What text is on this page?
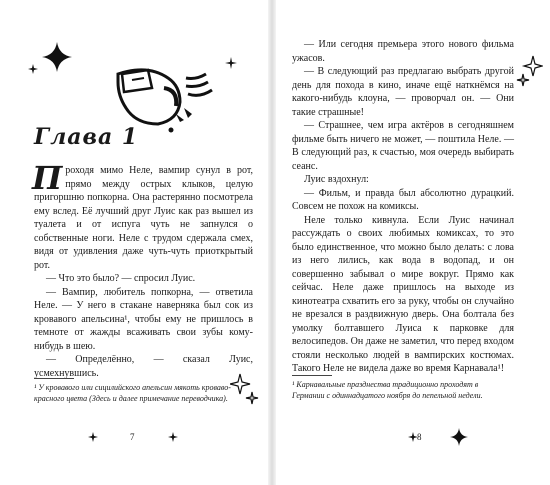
Глава 1

Проходя мимо Неле, вампир сунул в рот, прямо между острых клыков, целую пригоршню попкорна. Она растерянно посмотрела ему вслед. Её лучший друг Луис как раз вышел из туалета и от испуга чуть не запнулся о собственные ноги. Неле с трудом сдержала смех, видя от удивления даже чуть-чуть приоткрытый рот.

— Что это было? — спросил Луис.

— Вампир, любитель попкорна, — ответила Неле. — У него в стакане наверняка был сок из кровавого апельсина¹, чтобы ему не пришлось в темноте от жажды всаживать свои зубы кому-нибудь в шею.

— Определённо, — сказал Луис, усмехнувшись.

¹ У кровавого или сицилийского апельсин мякоть кроваво-красного цвета (Здесь и далее примечание переводчика).
7

— Или сегодня премьера этого нового фильма ужасов.

— В следующий раз предлагаю выбрать другой день для похода в кино, иначе ещё наткнёмся на какого-нибудь клоуна, — проворчал он. — Они такие страшные!

— Страшнее, чем игра актёров в сегодняшнем фильме быть ничего не может, — поштила Неле. — В следующий раз, к счастью, моя очередь выбирать сеанс.

Луис вздохнул:

— Фильм, и правда был абсолютно дурацкий. Совсем не похож на комиксы.

Неле только кивнула. Если Луис начинал рассуждать о своих любимых комиксах, то это было единственное, что можно было делать: с лова из него лились, как вода в водопад, и он совершенно забывал о мире вокруг. Прямо как сейчас. Неле даже пришлось на выходе из кинотеатра схватить его за руку, чтобы он случайно не врезался в раздвижную дверь. Она болтала без умолку болтавшего Луиса к парковке для велосипедов. Он даже не заметил, что перед входом стояли несколько людей в вампирских костюмах. Такого Неле не видела даже во время Карнавала¹!

¹ Карнавальные празднества традиционно проходят в Германии с одиннадцатого ноября до пепельной недели.
8
